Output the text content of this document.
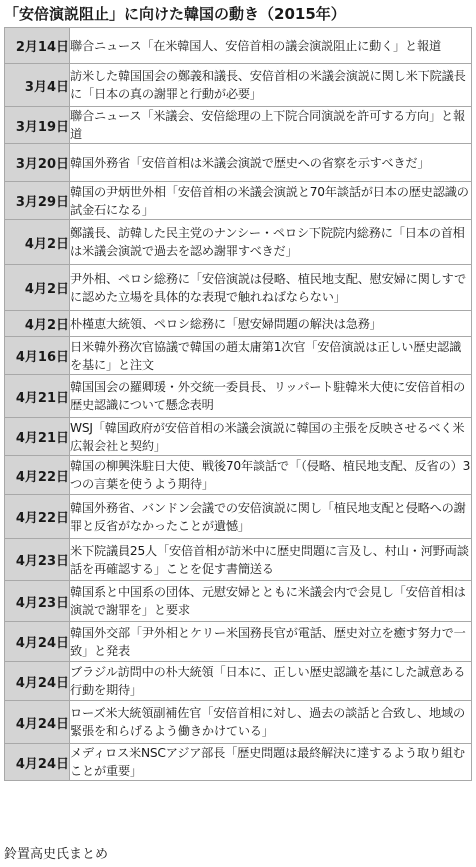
「安倍演説阻止」に向けた韓国の動き（2015年）
2月14日	聯合ニュース「在米韓国人、安倍首相の議会演説阻止に動く」と報道
3月4日	訪米した韓国国会の鄭義和議長、安倍首相の米議会演説に関し米下院議長に「日本の真の謝罪と行動が必要」
3月19日	聯合ニュース「米議会、安倍総理の上下院合同演説を許可する方向」と報道
3月20日	韓国外務省「安倍首相は米議会演説で歴史への省察を示すべきだ」
3月29日	韓国の尹炳世外相「安倍首相の米議会演説と70年談話が日本の歴史認識の試金石になる」
4月2日	鄭議長、訪韓した民主党のナンシー・ペロシ下院院内総務に「日本の首相は米議会演説で過去を認め謝罪すべきだ」
4月2日	尹外相、ペロシ総務に「安倍演説は侵略、植民地支配、慰安婦に関しすでに認めた立場を具体的な表現で触れねばならない」
4月2日	朴槿恵大統領、ペロシ総務に「慰安婦問題の解決は急務」
4月16日	日米韓外務次官協議で韓国の趙太庸第1次官「安倍演説は正しい歴史認識を基に」と注文
4月21日	韓国国会の羅卿瑗・外交統一委員長、リッパート駐韓米大使に安倍首相の歴史認識について懸念表明
4月21日	WSJ「韓国政府が安倍首相の米議会演説に韓国の主張を反映させるべく米広報会社と契約」
4月22日	韓国の柳興洙駐日大使、戦後70年談話で「（侵略、植民地支配、反省の）3つの言葉を使うよう期待」
4月22日	韓国外務省、バンドン会議での安倍演説に関し「植民地支配と侵略への謝罪と反省がなかったことが遺憾」
4月23日	米下院議員25人「安倍首相が訪米中に歴史問題に言及し、村山・河野両談話を再確認する」ことを促す書簡送る
4月23日	韓国系と中国系の団体、元慰安婦とともに米議会内で会見し「安倍首相は演説で謝罪を」と要求
4月24日	韓国外交部「尹外相とケリー米国務長官が電話、歴史対立を癒す努力で一致」と発表
4月24日	ブラジル訪問中の朴大統領「日本に、正しい歴史認識を基にした誠意ある行動を期待」
4月24日	ローズ米大統領副補佐官「安倍首相に対し、過去の談話と合致し、地域の緊張を和らげるよう働きかけている」
4月24日	メディロス米NSCアジア部長「歴史問題は最終解決に達するよう取り組むことが重要」
鈴置高史氏まとめ
